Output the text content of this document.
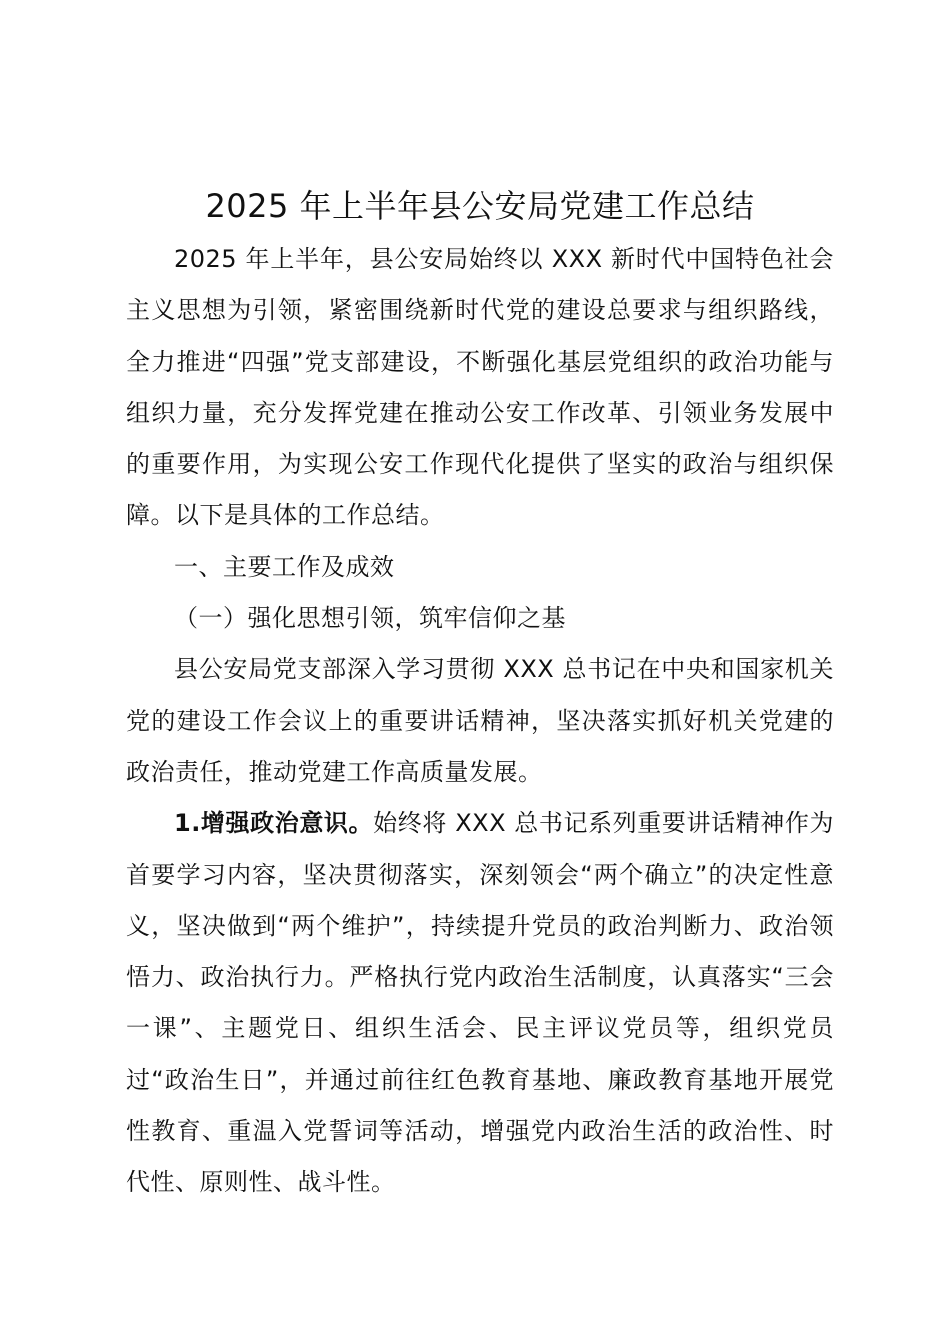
2025 年上半年县公安局党建工作总结

2025 年上半年，县公安局始终以 XXX 新时代中国特色社会主义思想为引领，紧密围绕新时代党的建设总要求与组织路线，全力推进“四强”党支部建设，不断强化基层党组织的政治功能与组织力量，充分发挥党建在推动公安工作改革、引领业务发展中的重要作用，为实现公安工作现代化提供了坚实的政治与组织保障。以下是具体的工作总结。

一、主要工作及成效

（一）强化思想引领，筑牢信仰之基

县公安局党支部深入学习贯彻 XXX 总书记在中央和国家机关党的建设工作会议上的重要讲话精神，坚决落实抓好机关党建的政治责任，推动党建工作高质量发展。

1.增强政治意识。始终将 XXX 总书记系列重要讲话精神作为首要学习内容，坚决贯彻落实，深刻领会“两个确立”的决定性意义，坚决做到“两个维护”，持续提升党员的政治判断力、政治领悟力、政治执行力。严格执行党内政治生活制度，认真落实“三会一课”、主题党日、组织生活会、民主评议党员等，组织党员过“政治生日”，并通过前往红色教育基地、廉政教育基地开展党性教育、重温入党誓词等活动，增强党内政治生活的政治性、时代性、原则性、战斗性。
